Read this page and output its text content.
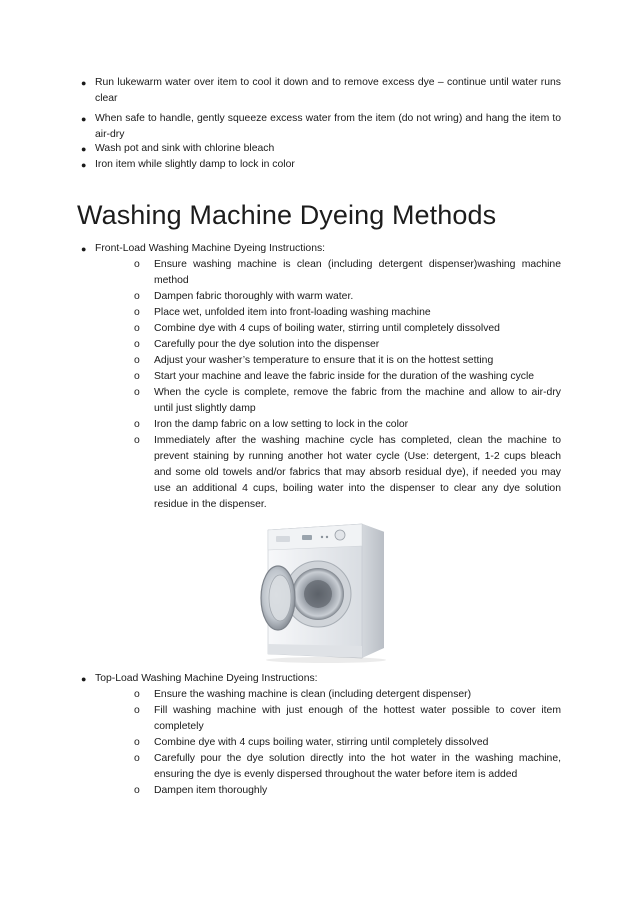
● Run lukewarm water over item to cool it down and to remove excess dye – continue until water runs clear
● When safe to handle, gently squeeze excess water from the item (do not wring) and hang the item to air-dry
● Wash pot and sink with chlorine bleach
● Iron item while slightly damp to lock in color
Washing Machine Dyeing Methods
● Front-Load Washing Machine Dyeing Instructions:
o Ensure washing machine is clean (including detergent dispenser)washing machine method
o Dampen fabric thoroughly with warm water.
o Place wet, unfolded item into front-loading washing machine
o Combine dye with 4 cups of boiling water, stirring until completely dissolved
o Carefully pour the dye solution into the dispenser
o Adjust your washer’s temperature to ensure that it is on the hottest setting
o Start your machine and leave the fabric inside for the duration of the washing cycle
o When the cycle is complete, remove the fabric from the machine and allow to air-dry until just slightly damp
o Iron the damp fabric on a low setting to lock in the color
o Immediately after the washing machine cycle has completed, clean the machine to prevent staining by running another hot water cycle (Use: detergent, 1-2 cups bleach and some old towels and/or fabrics that may absorb residual dye), if needed you may use an additional 4 cups, boiling water into the dispenser to clear any dye solution residue in the dispenser.
● Top-Load Washing Machine Dyeing Instructions:
o Ensure the washing machine is clean (including detergent dispenser)
o Fill washing machine with just enough of the hottest water possible to cover item completely
o Combine dye with 4 cups boiling water, stirring until completely dissolved
o Carefully pour the dye solution directly into the hot water in the washing machine, ensuring the dye is evenly dispersed throughout the water before item is added
o Dampen item thoroughly
